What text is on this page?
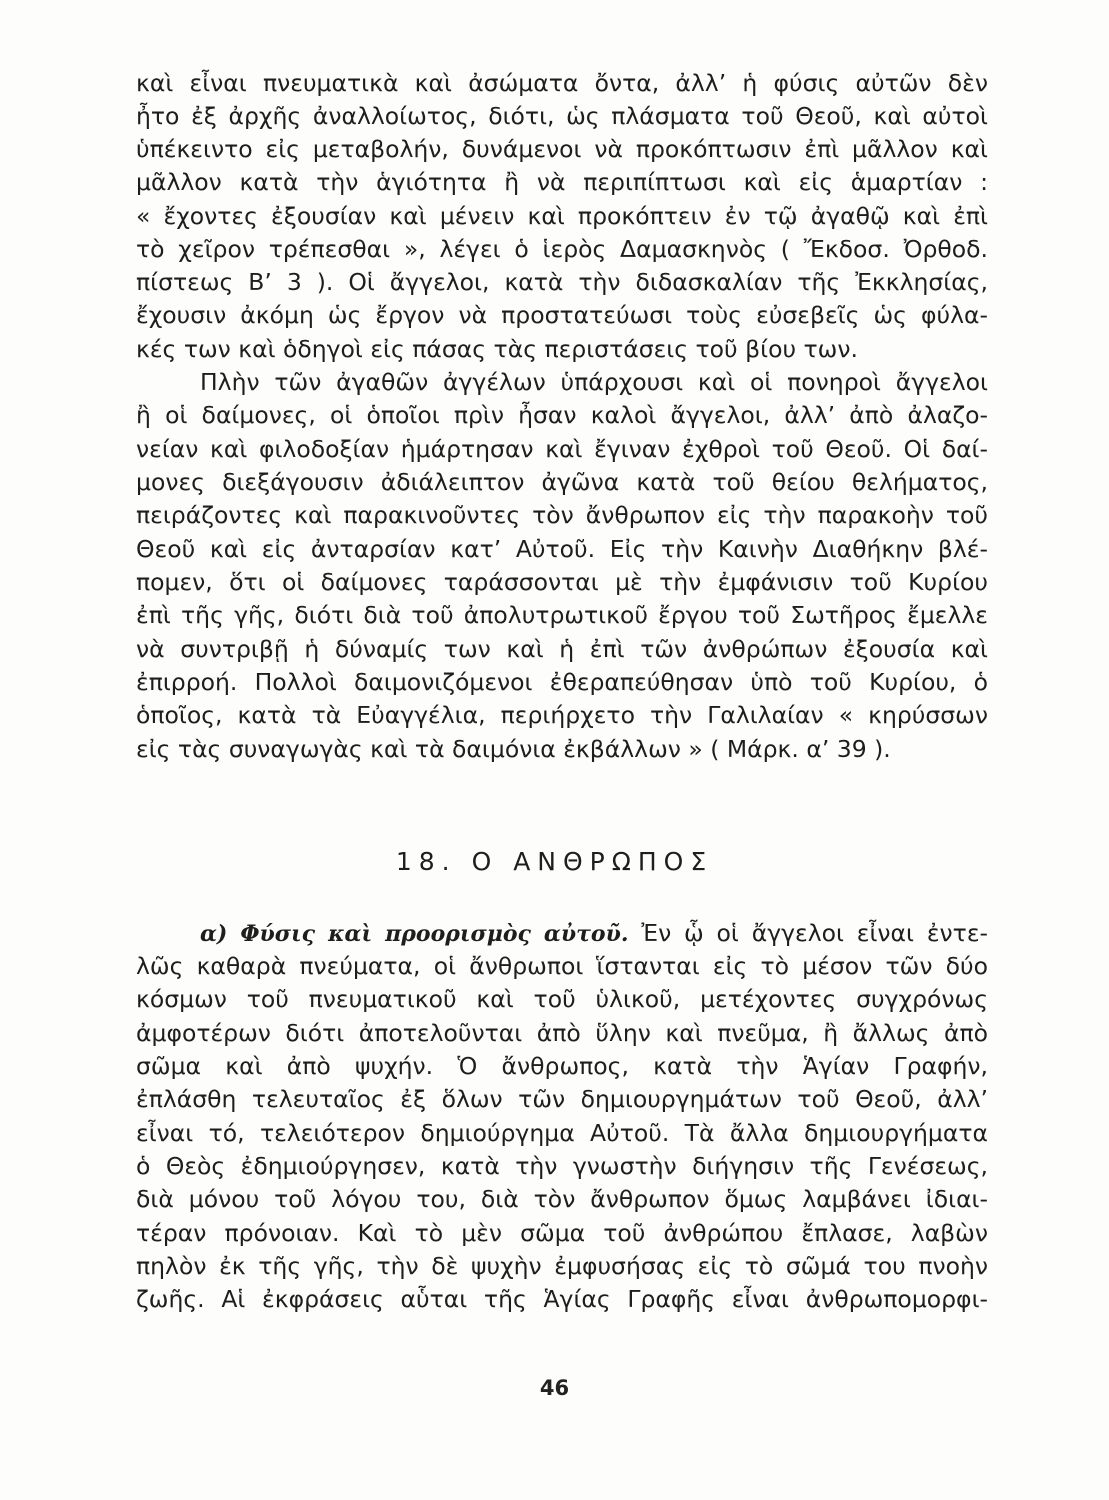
καὶ εἶναι πνευματικὰ καὶ ἀσώματα ὄντα, ἀλλ’ ἡ φύσις αὐτῶν δὲν
ἦτο ἐξ ἀρχῆς ἀναλλοίωτος, διότι, ὡς πλάσματα τοῦ Θεοῦ, καὶ αὐτοὶ
ὑπέκειντο εἰς μεταβολήν, δυνάμενοι νὰ προκόπτωσιν ἐπὶ μᾶλλον καὶ
μᾶλλον κατὰ τὴν ἁγιότητα ἢ νὰ περιπίπτωσι καὶ εἰς ἁμαρτίαν :
« ἔχοντες ἐξουσίαν καὶ μένειν καὶ προκόπτειν ἐν τῷ ἀγαθῷ καὶ ἐπὶ
τὸ χεῖρον τρέπεσθαι », λέγει ὁ ἱερὸς Δαμασκηνὸς ( Ἔκδοσ. Ὀρθοδ.
πίστεως Β’ 3 ). Οἱ ἄγγελοι, κατὰ τὴν διδασκαλίαν τῆς Ἐκκλησίας,
ἔχουσιν ἀκόμη ὡς ἔργον νὰ προστατεύωσι τοὺς εὐσεβεῖς ὡς φύλα-
κές των καὶ ὁδηγοὶ εἰς πάσας τὰς περιστάσεις τοῦ βίου των.
Πλὴν τῶν ἀγαθῶν ἀγγέλων ὑπάρχουσι καὶ οἱ πονηροὶ ἄγγελοι
ἢ οἱ δαίμονες, οἱ ὁποῖοι πρὶν ἦσαν καλοὶ ἄγγελοι, ἀλλ’ ἀπὸ ἀλαζο-
νείαν καὶ φιλοδοξίαν ἡμάρτησαν καὶ ἔγιναν ἐχθροὶ τοῦ Θεοῦ. Οἱ δαί-
μονες διεξάγουσιν ἀδιάλειπτον ἀγῶνα κατὰ τοῦ θείου θελήματος,
πειράζοντες καὶ παρακινοῦντες τὸν ἄνθρωπον εἰς τὴν παρακοὴν τοῦ
Θεοῦ καὶ εἰς ἀνταρσίαν κατ’ Αὐτοῦ. Εἰς τὴν Καινὴν Διαθήκην βλέ-
πομεν, ὅτι οἱ δαίμονες ταράσσονται μὲ τὴν ἐμφάνισιν τοῦ Κυρίου
ἐπὶ τῆς γῆς, διότι διὰ τοῦ ἀπολυτρωτικοῦ ἔργου τοῦ Σωτῆρος ἔμελλε
νὰ συντριβῇ ἡ δύναμίς των καὶ ἡ ἐπὶ τῶν ἀνθρώπων ἐξουσία καὶ
ἐπιρροή. Πολλοὶ δαιμονιζόμενοι ἐθεραπεύθησαν ὑπὸ τοῦ Κυρίου, ὁ
ὁποῖος, κατὰ τὰ Εὐαγγέλια, περιήρχετο τὴν Γαλιλαίαν « κηρύσσων
εἰς τὰς συναγωγὰς καὶ τὰ δαιμόνια ἐκβάλλων » ( Μάρκ. α’ 39 ).
18. Ο ΑΝΘΡΩΠΟΣ
α) Φύσις καὶ προορισμὸς αὐτοῦ. Ἐν ᾧ οἱ ἄγγελοι εἶναι ἐντε-
λῶς καθαρὰ πνεύματα, οἱ ἄνθρωποι ἵστανται εἰς τὸ μέσον τῶν δύο
κόσμων τοῦ πνευματικοῦ καὶ τοῦ ὑλικοῦ, μετέχοντες συγχρόνως
ἀμφοτέρων διότι ἀποτελοῦνται ἀπὸ ὕλην καὶ πνεῦμα, ἢ ἄλλως ἀπὸ
σῶμα καὶ ἀπὸ ψυχήν. Ὁ ἄνθρωπος, κατὰ τὴν Ἁγίαν Γραφήν,
ἐπλάσθη τελευταῖος ἐξ ὅλων τῶν δημιουργημάτων τοῦ Θεοῦ, ἀλλ’
εἶναι τό, τελειότερον δημιούργημα Αὐτοῦ. Τὰ ἄλλα δημιουργήματα
ὁ Θεὸς ἐδημιούργησεν, κατὰ τὴν γνωστὴν διήγησιν τῆς Γενέσεως,
διὰ μόνου τοῦ λόγου του, διὰ τὸν ἄνθρωπον ὅμως λαμβάνει ἰδιαι-
τέραν πρόνοιαν. Καὶ τὸ μὲν σῶμα τοῦ ἀνθρώπου ἔπλασε, λαβὼν
πηλὸν ἐκ τῆς γῆς, τὴν δὲ ψυχὴν ἐμφυσήσας εἰς τὸ σῶμά του πνοὴν
ζωῆς. Αἱ ἐκφράσεις αὗται τῆς Ἁγίας Γραφῆς εἶναι ἀνθρωπομορφι-
46
